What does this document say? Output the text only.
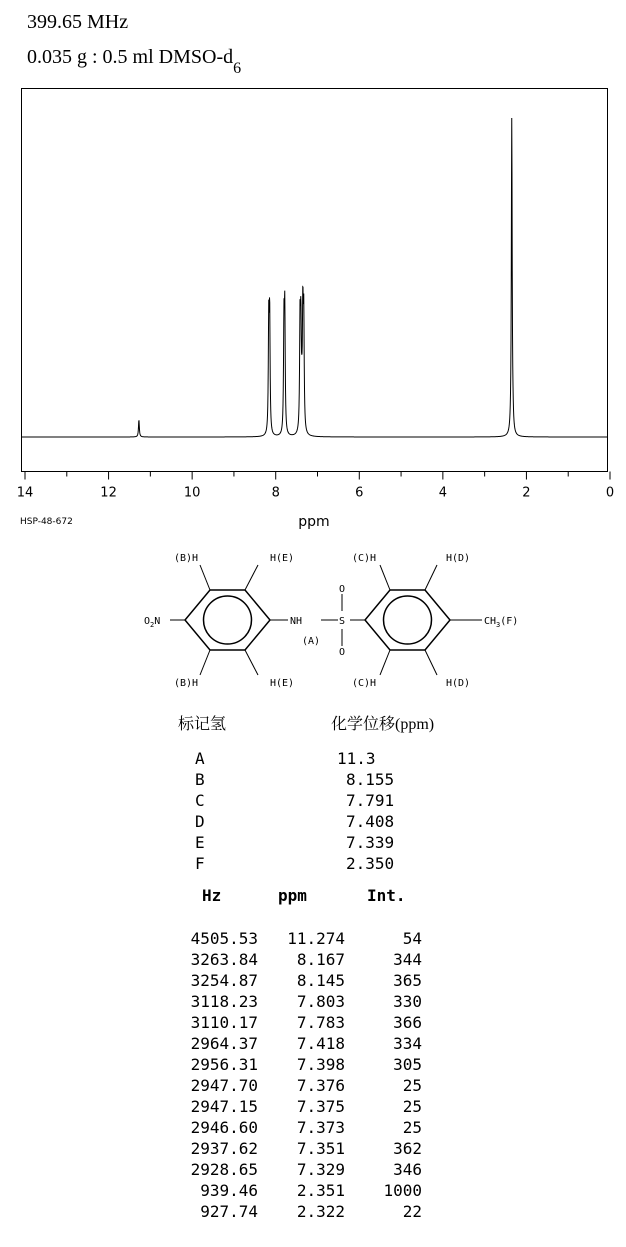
399.65 MHz
0.035 g : 0.5 ml DMSO-$d_6$
14	12	10	8	6	4	2	0
ppm
HSP-48-672
(B)H	H(E)	(C)H	H(D)
(B)H	H(E)	(C)H	H(D)
$O_2N$	NH
(A)
S
O
O
$CH_3(F)$
标记氢	化学位移(ppm)
A	11.3
B	8.155
C	7.791
D	7.408
E	7.339
F	2.350
Hz	ppm	Int.
4505.53	11.274	54
3263.84	8.167	344
3254.87	8.145	365
3118.23	7.803	330
3110.17	7.783	366
2964.37	7.418	334
2956.31	7.398	305
2947.70	7.376	25
2947.15	7.375	25
2946.60	7.373	25
2937.62	7.351	362
2928.65	7.329	346
939.46	2.351	1000
927.74	2.322	22
